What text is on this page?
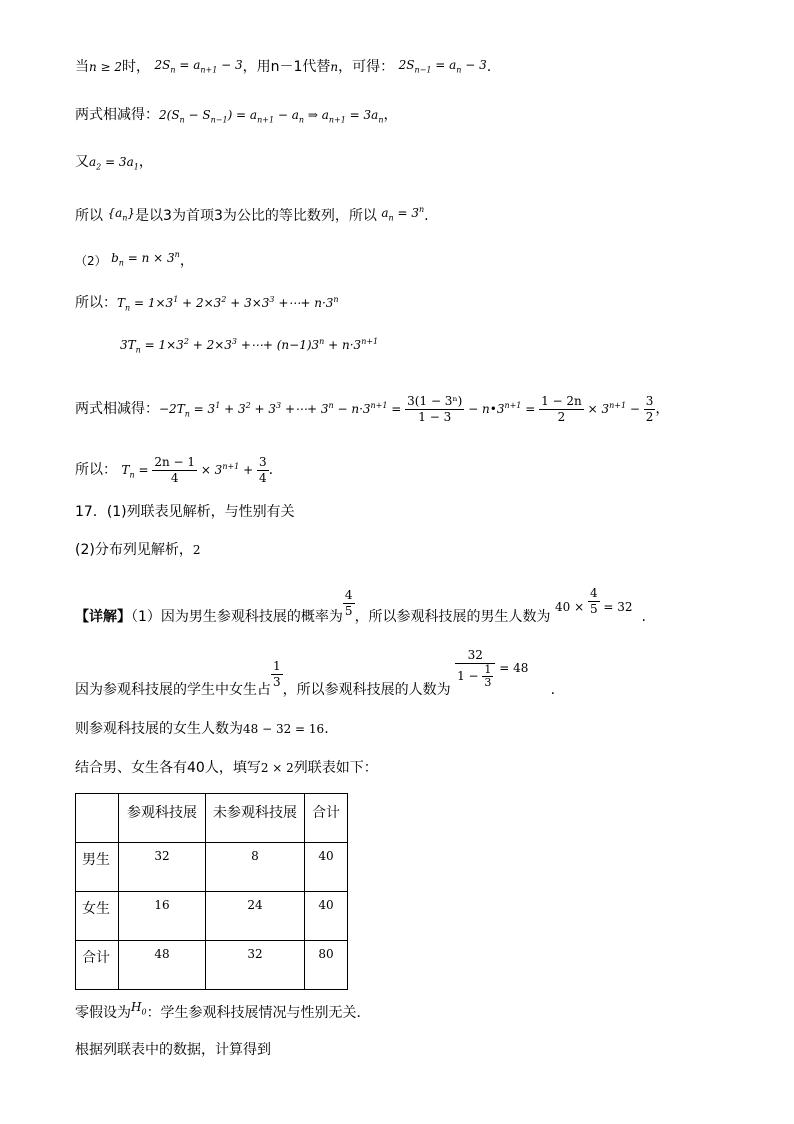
当n ≥ 2时， $2S_n = a_{n+1} - 3$，用n－1代替n，可得： $2S_{n-1} = a_n - 3$.
两式相减得：$2(S_n - S_{n-1}) = a_{n+1} - a_n$ ⇒ $a_{n+1} = 3a_n$，
又$a_2 = 3a_1$，
所以 $\{a_n\}$是以3为首项3为公比的等比数列，所以 $a_n = 3^n$.
（2） $b_n = n \times 3^n$，
所以：$T_n = 1\times 3^1 + 2\times 3^2 + 3\times 3^3$ +⋯+ $n\cdot 3^n$
$3T_n = 1\times 3^2 + 2\times 3^3$ +⋯+ $(n-1)3^n + n\cdot 3^{n+1}$
两式相减得：$-2T_n = 3^1 + 3^2 + 3^3$ +⋯+ $3^n - n\cdot 3^{n+1} = \frac{\text{3(1 − 3ⁿ)}}{1 - 3}$ − $n•3^{n+1} = \frac{1 - 2n}{2} \times 3^{n+1} - \frac{3}{2}$ ，
所以： $T_n = \frac{2n - 1}{4} \times 3^{n+1} + \frac{3}{4}$ .
17．(1)列联表见解析，与性别有关
(2)分布列见解析，2
【详解】（1）因为男生参观科技展的概率为 $\frac{4}{5}$ ，所以参观科技展的男生人数为 $40 \times \frac{4}{5} = 32$  .
因为参观科技展的学生中女生占 $\frac{1}{3}$ ，所以参观科技展的人数为
$\frac{32}{1 - \frac{1}{3}} = 48$     .
则参观科技展的女生人数为48 − 32 = 16.
结合男、女生各有40人，填写2 × 2列联表如下：
	参观科技展	未参观科技展	合计
男生	32	8	40
女生	16	24	40
合计	48	32	80
零假设为$H_0$：学生参观科技展情况与性别无关．
根据列联表中的数据，计算得到
